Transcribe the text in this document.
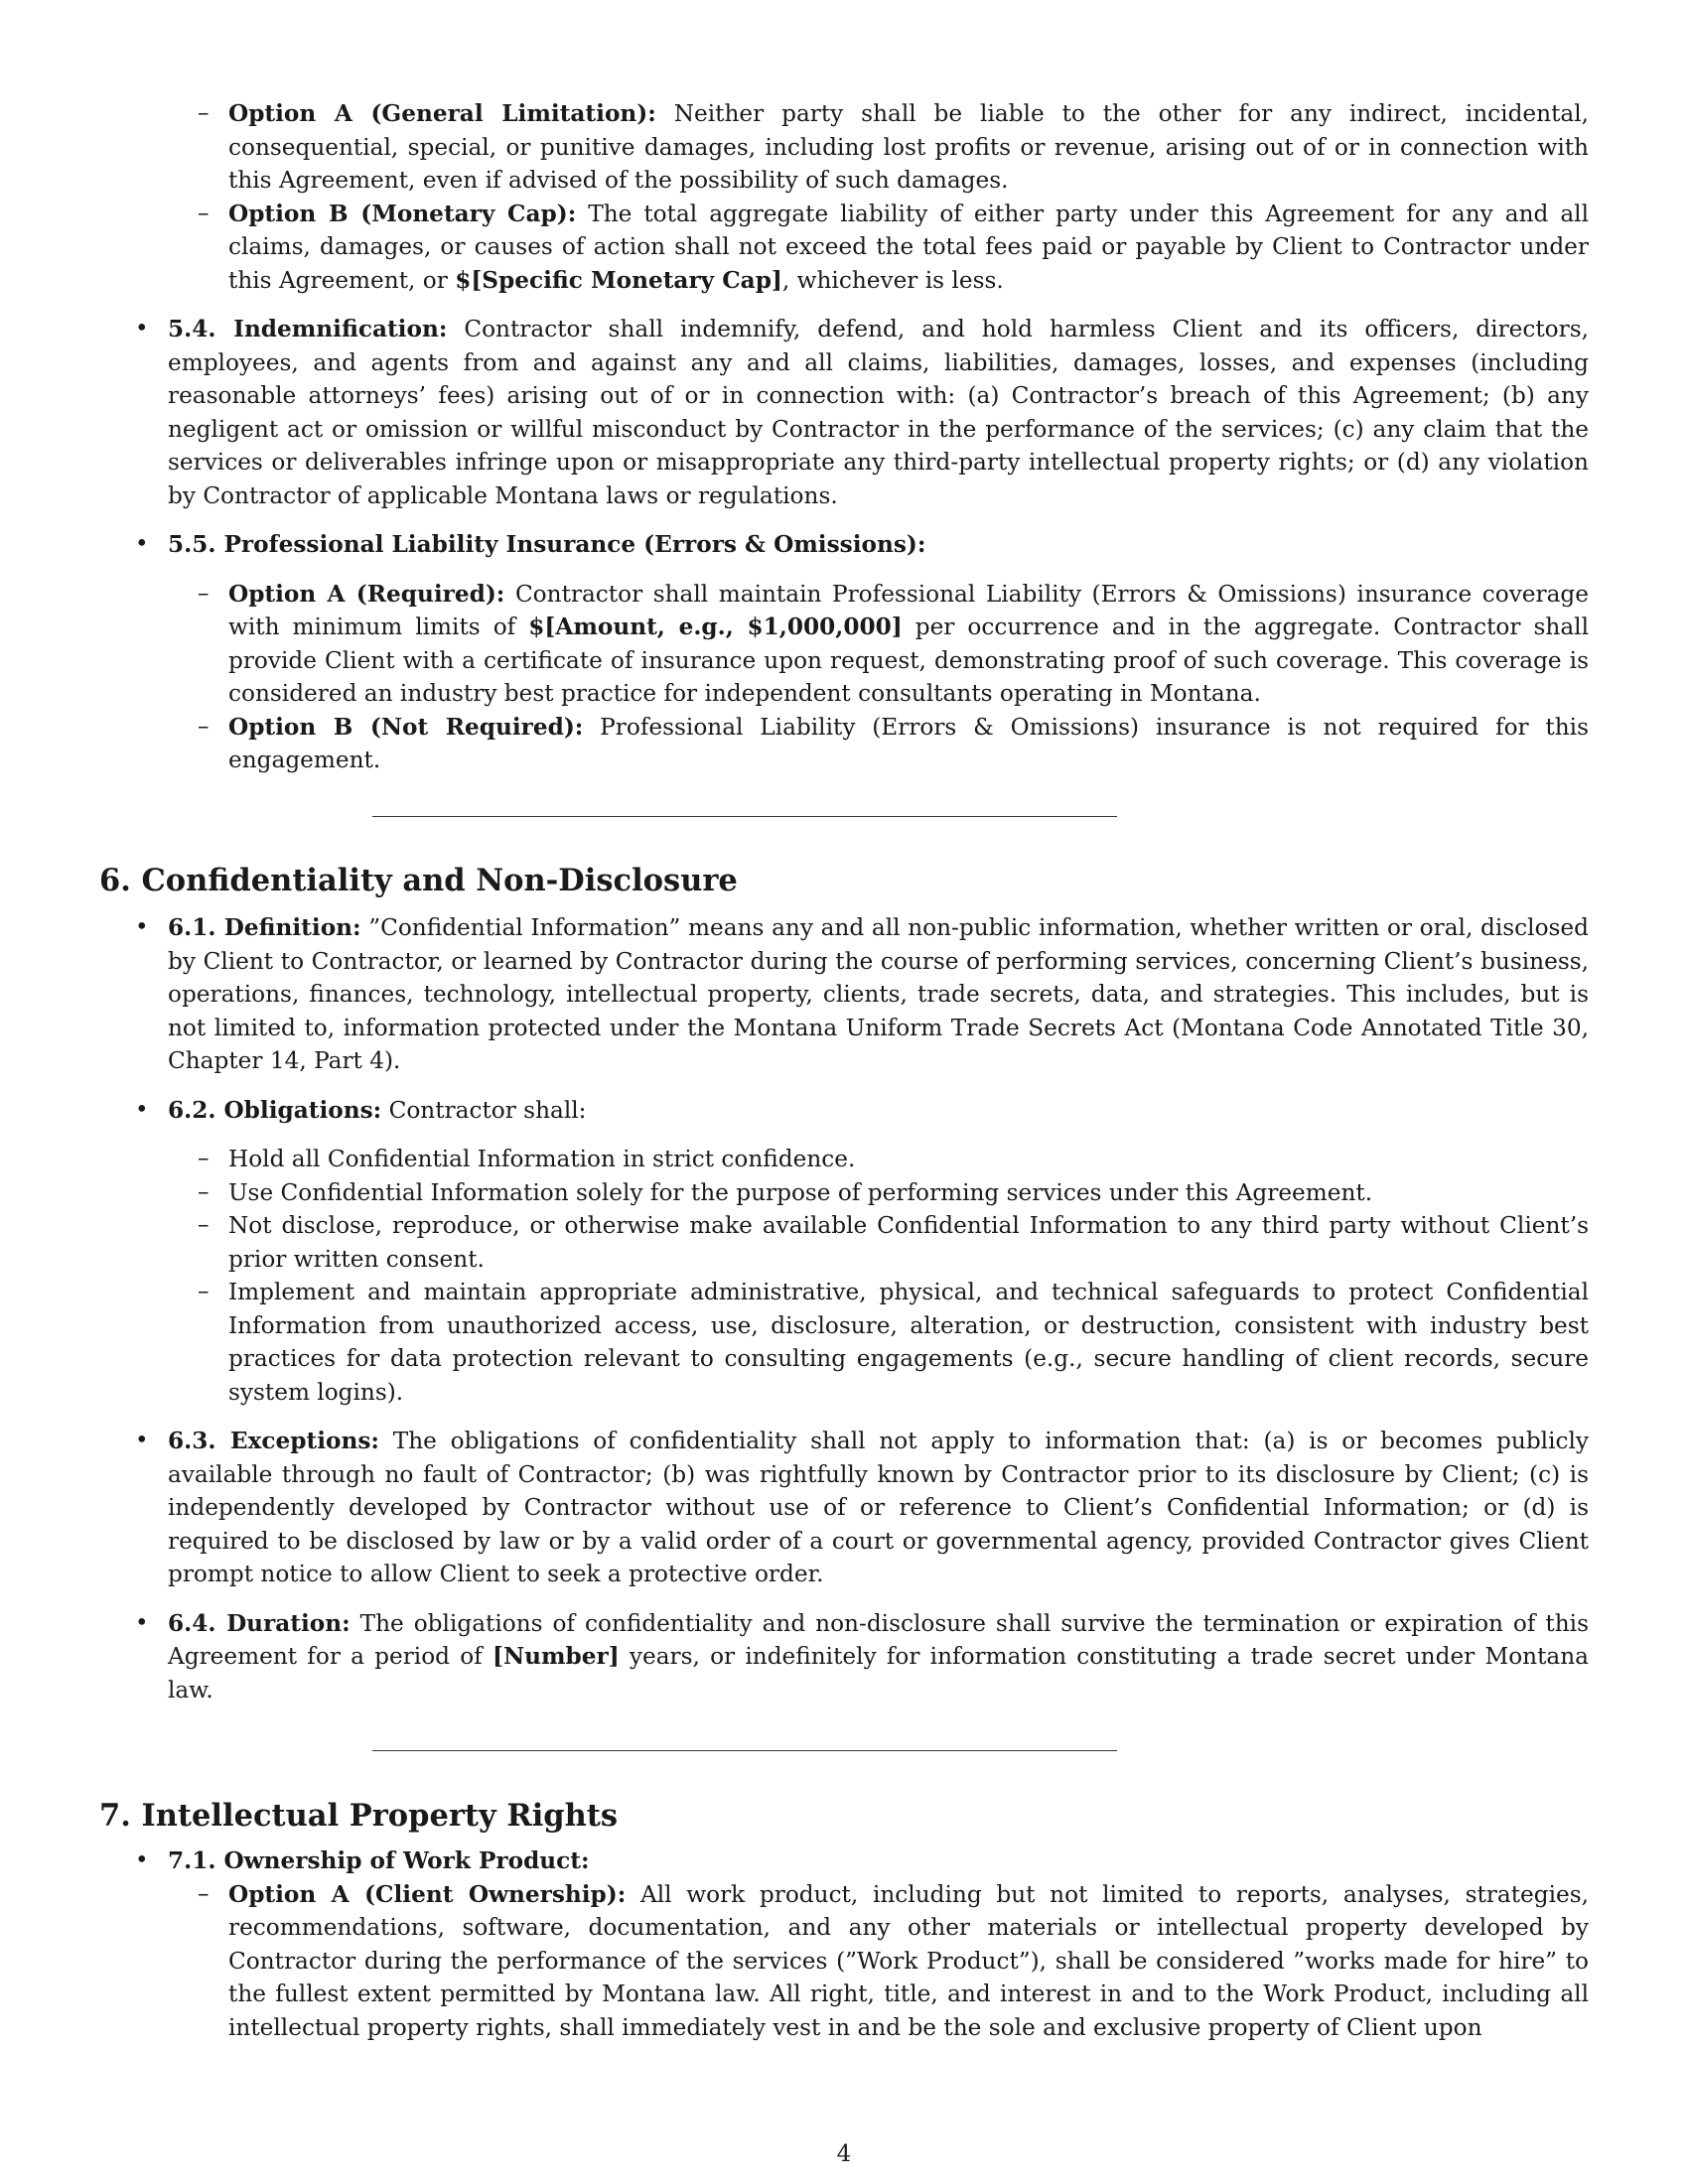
– Option A (General Limitation): Neither party shall be liable to the other for any indirect, incidental, consequential, special, or punitive damages, including lost profits or revenue, arising out of or in connection with this Agreement, even if advised of the possibility of such damages.

– Option B (Monetary Cap): The total aggregate liability of either party under this Agreement for any and all claims, damages, or causes of action shall not exceed the total fees paid or payable by Client to Contractor under this Agreement, or $[Specific Monetary Cap], whichever is less.

• 5.4. Indemnification: Contractor shall indemnify, defend, and hold harmless Client and its officers, directors, employees, and agents from and against any and all claims, liabilities, damages, losses, and expenses (including reasonable attorneys’ fees) arising out of or in connection with: (a) Contractor’s breach of this Agreement; (b) any negligent act or omission or willful misconduct by Contractor in the performance of the services; (c) any claim that the services or deliverables infringe upon or misappropriate any third-party intellectual property rights; or (d) any violation by Contractor of applicable Montana laws or regulations.

• 5.5. Professional Liability Insurance (Errors & Omissions):

– Option A (Required): Contractor shall maintain Professional Liability (Errors & Omissions) insurance coverage with minimum limits of $[Amount, e.g., $1,000,000] per occurrence and in the aggregate. Contractor shall provide Client with a certificate of insurance upon request, demonstrating proof of such coverage. This coverage is considered an industry best practice for independent consultants operating in Montana.

– Option B (Not Required): Professional Liability (Errors & Omissions) insurance is not required for this engagement.

6. Confidentiality and Non-Disclosure
• 6.1. Definition: ”Confidential Information” means any and all non-public information, whether written or oral, disclosed by Client to Contractor, or learned by Contractor during the course of performing services, concerning Client’s business, operations, finances, technology, intellectual property, clients, trade secrets, data, and strategies. This includes, but is not limited to, information protected under the Montana Uniform Trade Secrets Act (Montana Code Annotated Title 30, Chapter 14, Part 4).

• 6.2. Obligations: Contractor shall:

– Hold all Confidential Information in strict confidence.

– Use Confidential Information solely for the purpose of performing services under this Agreement.

– Not disclose, reproduce, or otherwise make available Confidential Information to any third party without Client’s prior written consent.

– Implement and maintain appropriate administrative, physical, and technical safeguards to protect Confidential Information from unauthorized access, use, disclosure, alteration, or destruction, consistent with industry best practices for data protection relevant to consulting engagements (e.g., secure handling of client records, secure system logins).

• 6.3. Exceptions: The obligations of confidentiality shall not apply to information that: (a) is or becomes publicly available through no fault of Contractor; (b) was rightfully known by Contractor prior to its disclosure by Client; (c) is independently developed by Contractor without use of or reference to Client’s Confidential Information; or (d) is required to be disclosed by law or by a valid order of a court or governmental agency, provided Contractor gives Client prompt notice to allow Client to seek a protective order.

• 6.4. Duration: The obligations of confidentiality and non-disclosure shall survive the termination or expiration of this Agreement for a period of [Number] years, or indefinitely for information constituting a trade secret under Montana law.

7. Intellectual Property Rights
• 7.1. Ownership of Work Product:

– Option A (Client Ownership): All work product, including but not limited to reports, analyses, strategies, recommendations, software, documentation, and any other materials or intellectual property developed by Contractor during the performance of the services (”Work Product”), shall be considered ”works made for hire” to the fullest extent permitted by Montana law. All right, title, and interest in and to the Work Product, including all intellectual property rights, shall immediately vest in and be the sole and exclusive property of Client upon

4
